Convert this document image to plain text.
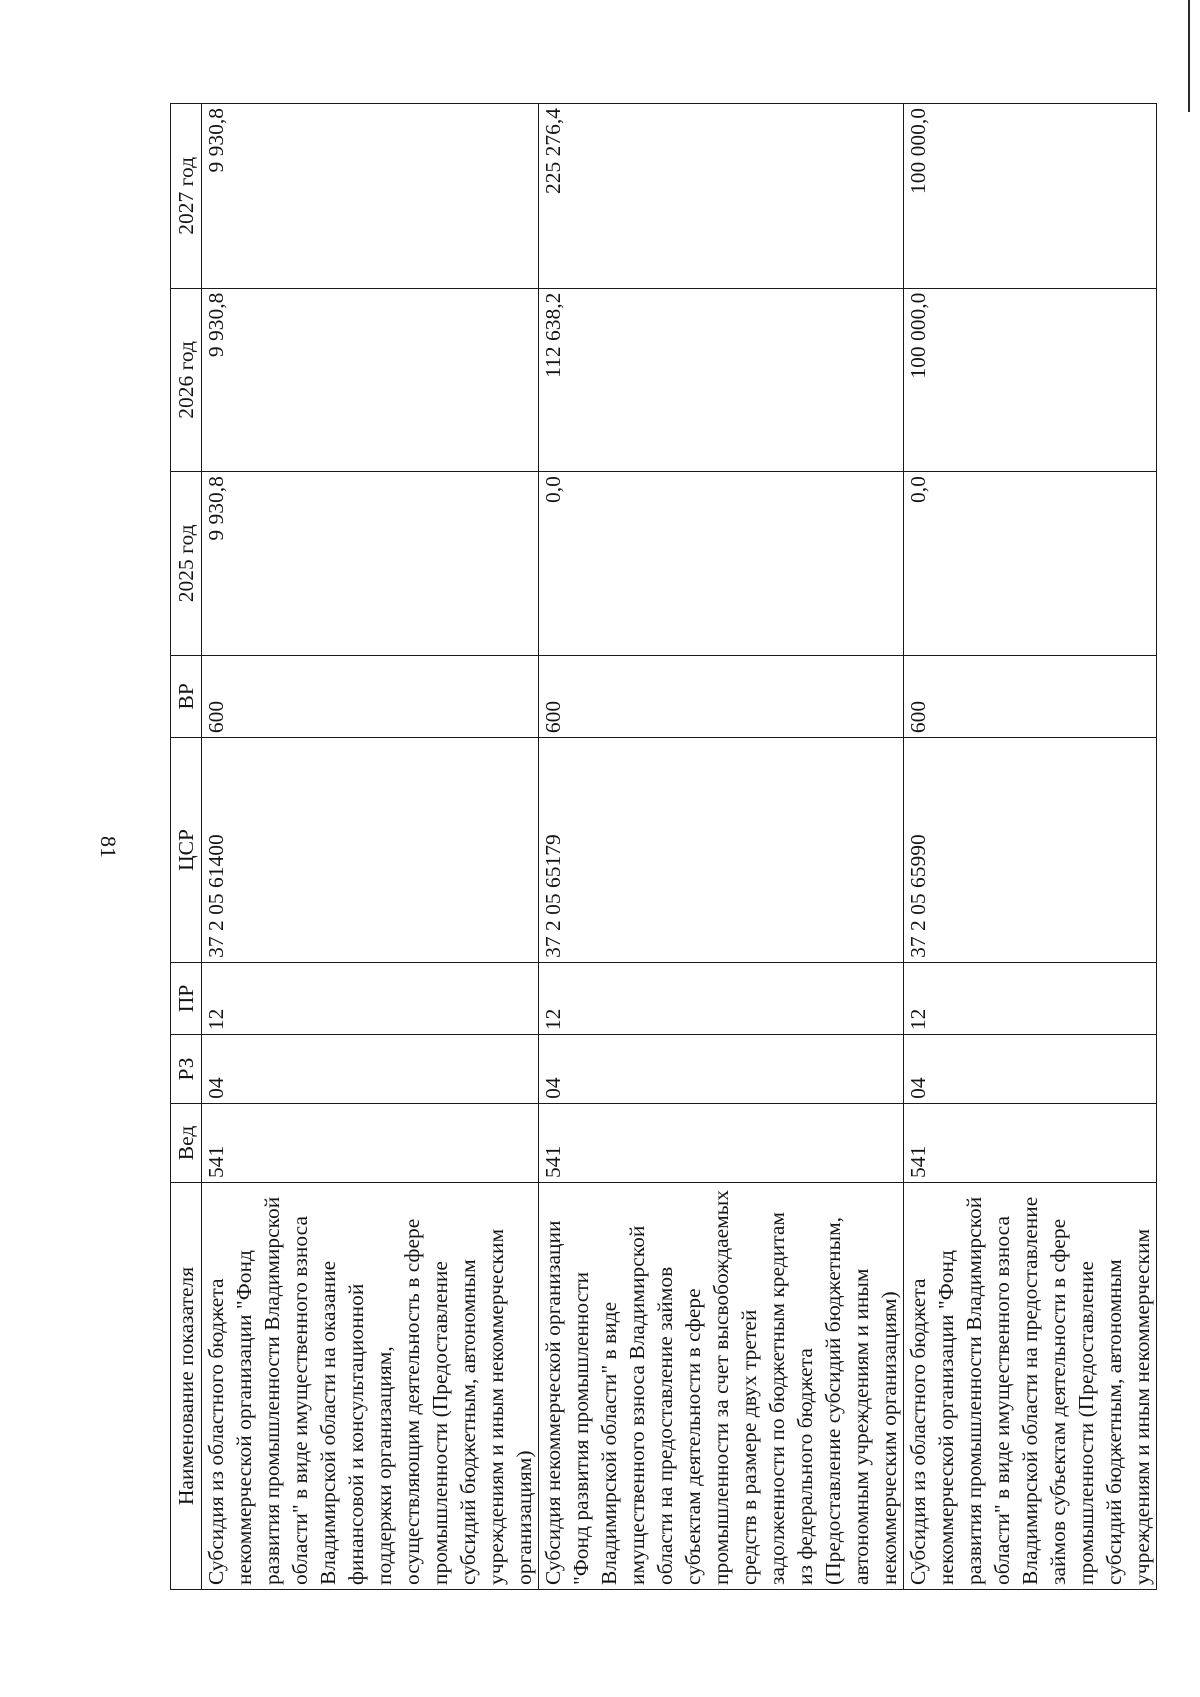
81
Наименование показателя	Вед	РЗ	ПР	ЦСР	ВР	2025 год	2026 год	2027 год
Субсидия из областного бюджета некоммерческой организации "Фонд развития промышленности Владимирской области" в виде имущественного взноса Владимирской области на оказание финансовой и консультационной поддержки организациям, осуществляющим деятельность в сфере промышленности (Предоставление субсидий бюджетным, автономным учреждениям и иным некоммерческим организациям)	541	04	12	37 2 05 61400	600	9 930,8	9 930,8	9 930,8
Субсидия некоммерческой организации "Фонд развития промышленности Владимирской области" в виде имущественного взноса Владимирской области на предоставление займов субъектам деятельности в сфере промышленности за счет высвобождаемых средств в размере двух третей задолженности по бюджетным кредитам из федерального бюджета (Предоставление субсидий бюджетным, автономным учреждениям и иным некоммерческим организациям)	541	04	12	37 2 05 65179	600	0,0	112 638,2	225 276,4
Субсидия из областного бюджета некоммерческой организации "Фонд развития промышленности Владимирской области" в виде имущественного взноса Владимирской области на предоставление займов субъектам деятельности в сфере промышленности (Предоставление субсидий бюджетным, автономным учреждениям и иным некоммерческим	541	04	12	37 2 05 65990	600	0,0	100 000,0	100 000,0
